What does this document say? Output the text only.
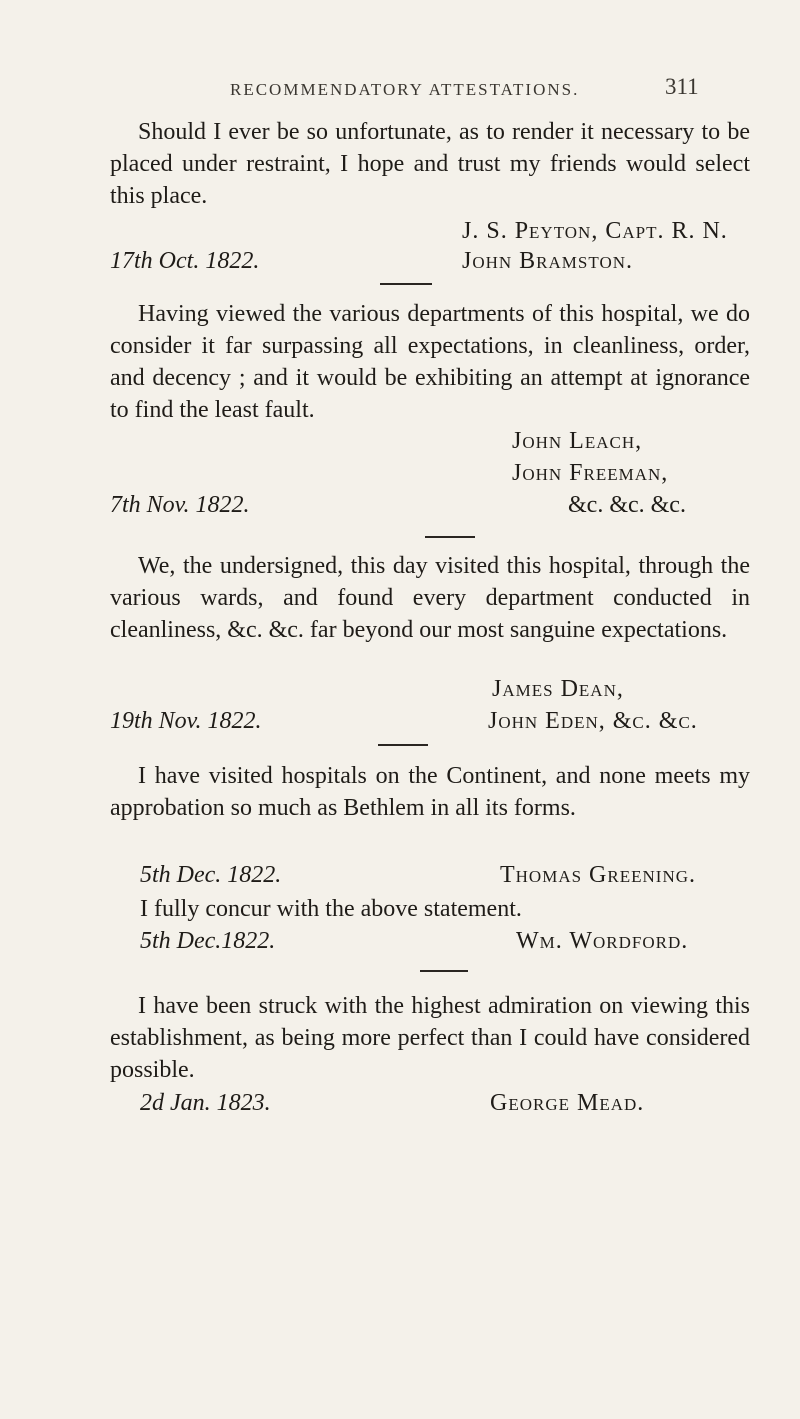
RECOMMENDATORY ATTESTATIONS.	311
Should I ever be so unfortunate, as to render it necessary to be placed under restraint, I hope and trust my friends would select this place.
J. S. Peyton, Capt. R. N.
17th Oct. 1822.	John Bramston.
Having viewed the various departments of this hospital, we do consider it far surpassing all expectations, in cleanliness, order, and decency ; and it would be exhibiting an attempt at ignorance to find the least fault.
John Leach,
John Freeman,
7th Nov. 1822.	&c. &c. &c.
We, the undersigned, this day visited this hospital, through the various wards, and found every department conducted in cleanliness, &c. &c. far beyond our most sanguine expectations.
James Dean,
19th Nov. 1822.	John Eden, &c. &c.
I have visited hospitals on the Continent, and none meets my approbation so much as Bethlem in all its forms.
5th Dec. 1822.	Thomas Greening.
I fully concur with the above statement.
5th Dec.1822.	Wm. Wordford.
I have been struck with the highest admiration on viewing this establishment, as being more perfect than I could have considered possible.
2d Jan. 1823.	George Mead.
